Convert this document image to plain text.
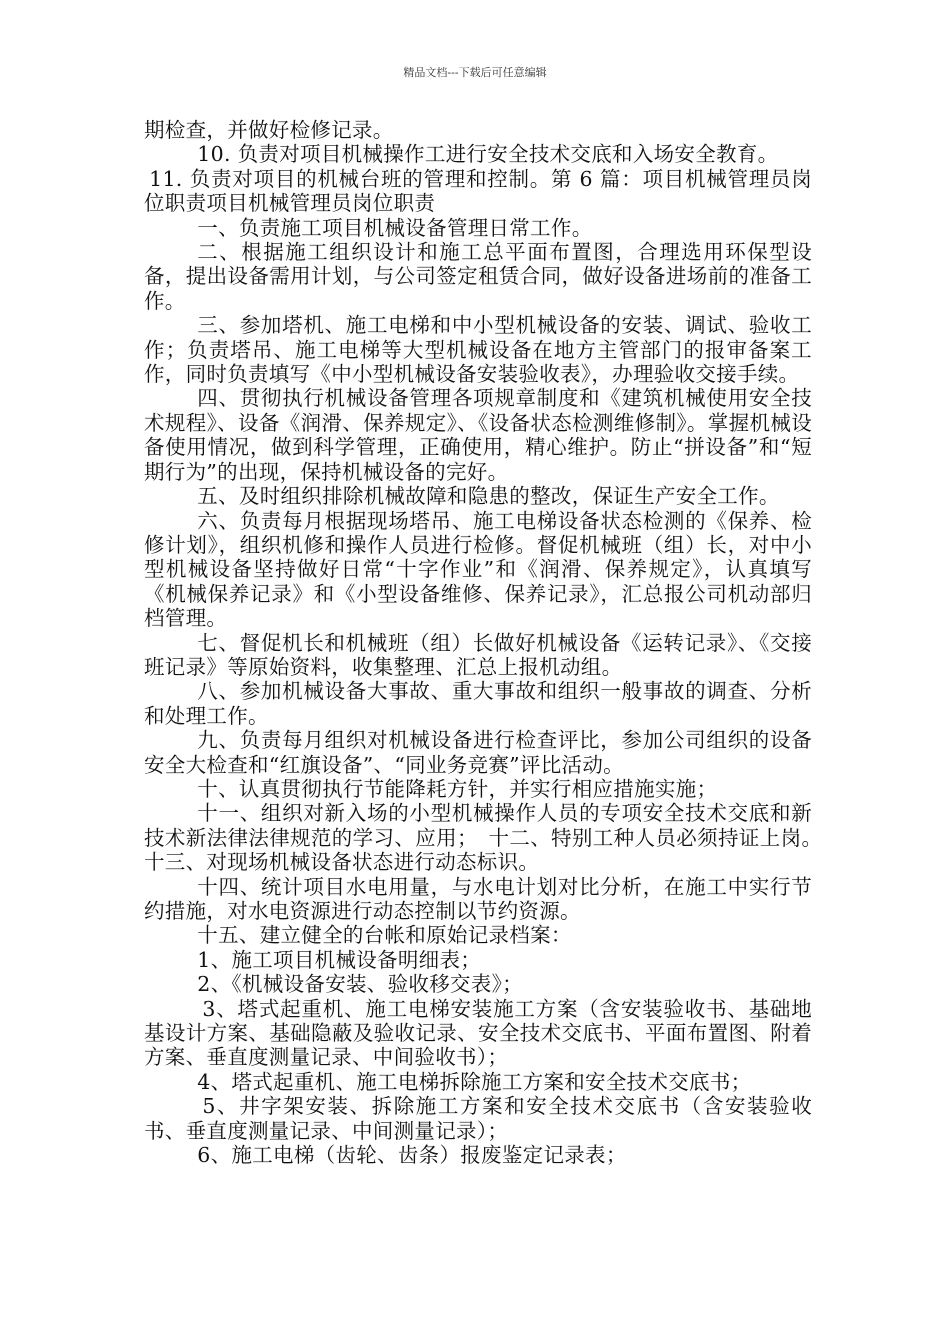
精品文档---下载后可任意编辑

期检查，并做好检修记录。

10. 负责对项目机械操作工进行安全技术交底和入场安全教育。

11. 负责对项目的机械台班的管理和控制。第 6 篇：项目机械管理员岗位职责项目机械管理员岗位职责

一、负责施工项目机械设备管理日常工作。

二、根据施工组织设计和施工总平面布置图，合理选用环保型设备，提出设备需用计划，与公司签定租赁合同，做好设备进场前的准备工作。

三、参加塔机、施工电梯和中小型机械设备的安装、调试、验收工作；负责塔吊、施工电梯等大型机械设备在地方主管部门的报审备案工作，同时负责填写《中小型机械设备安装验收表》，办理验收交接手续。

四、贯彻执行机械设备管理各项规章制度和《建筑机械使用安全技术规程》、设备《润滑、保养规定》、《设备状态检测维修制》。掌握机械设备使用情况，做到科学管理，正确使用，精心维护。防止“拼设备”和“短期行为”的出现，保持机械设备的完好。

五、及时组织排除机械故障和隐患的整改，保证生产安全工作。

六、负责每月根据现场塔吊、施工电梯设备状态检测的《保养、检修计划》，组织机修和操作人员进行检修。督促机械班（组）长，对中小型机械设备坚持做好日常“十字作业”和《润滑、保养规定》，认真填写《机械保养记录》和《小型设备维修、保养记录》，汇总报公司机动部归档管理。

七、督促机长和机械班（组）长做好机械设备《运转记录》、《交接班记录》等原始资料，收集整理、汇总上报机动组。

八、参加机械设备大事故、重大事故和组织一般事故的调查、分析和处理工作。

九、负责每月组织对机械设备进行检查评比，参加公司组织的设备安全大检查和“红旗设备”、“同业务竞赛”评比活动。

十、认真贯彻执行节能降耗方针，并实行相应措施实施；

十一、组织对新入场的小型机械操作人员的专项安全技术交底和新技术新法律法律规范的学习、应用；　十二、特别工种人员必须持证上岗。　十三、对现场机械设备状态进行动态标识。

十四、统计项目水电用量，与水电计划对比分析，在施工中实行节约措施，对水电资源进行动态控制以节约资源。

十五、建立健全的台帐和原始记录档案：

1、施工项目机械设备明细表；

2、《机械设备安装、验收移交表》；

3、塔式起重机、施工电梯安装施工方案（含安装验收书、基础地基设计方案、基础隐蔽及验收记录、安全技术交底书、平面布置图、附着方案、垂直度测量记录、中间验收书）；

4、塔式起重机、施工电梯拆除施工方案和安全技术交底书；

5、井字架安装、拆除施工方案和安全技术交底书（含安装验收书、垂直度测量记录、中间测量记录）；

6、施工电梯（齿轮、齿条）报废鉴定记录表；
